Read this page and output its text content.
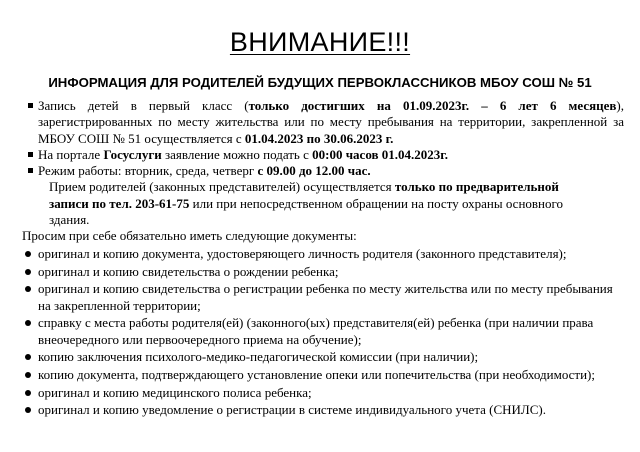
ВНИМАНИЕ!!!
ИНФОРМАЦИЯ ДЛЯ РОДИТЕЛЕЙ БУДУЩИХ ПЕРВОКЛАССНИКОВ МБОУ СОШ № 51
Запись детей в первый класс (только достигших на 01.09.2023г. – 6 лет 6 месяцев), зарегистрированных по месту жительства или по месту пребывания на территории, закрепленной за МБОУ СОШ № 51 осуществляется с 01.04.2023 по 30.06.2023 г.
На портале Госуслуги заявление можно подать с 00:00 часов 01.04.2023г.
Режим работы: вторник, среда, четверг с 09.00 до 12.00 час.
Прием родителей (законных представителей) осуществляется только по предварительной записи по тел. 203-61-75 или при непосредственном обращении на посту охраны основного здания.
Просим при себе обязательно иметь следующие документы:
оригинал и копию документа, удостоверяющего личность родителя (законного представителя);
оригинал и копию свидетельства о рождении ребенка;
оригинал и копию свидетельства о регистрации ребенка по месту жительства или по месту пребывания на закрепленной территории;
справку с места работы родителя(ей) (законного(ых) представителя(ей) ребенка (при наличии права внеочередного или первоочередного приема на обучение);
копию заключения психолого-медико-педагогической комиссии (при наличии);
копию документа, подтверждающего установление опеки или попечительства (при необходимости);
оригинал и копию медицинского полиса ребенка;
оригинал и копию уведомление о регистрации в системе индивидуального учета (СНИЛС).
